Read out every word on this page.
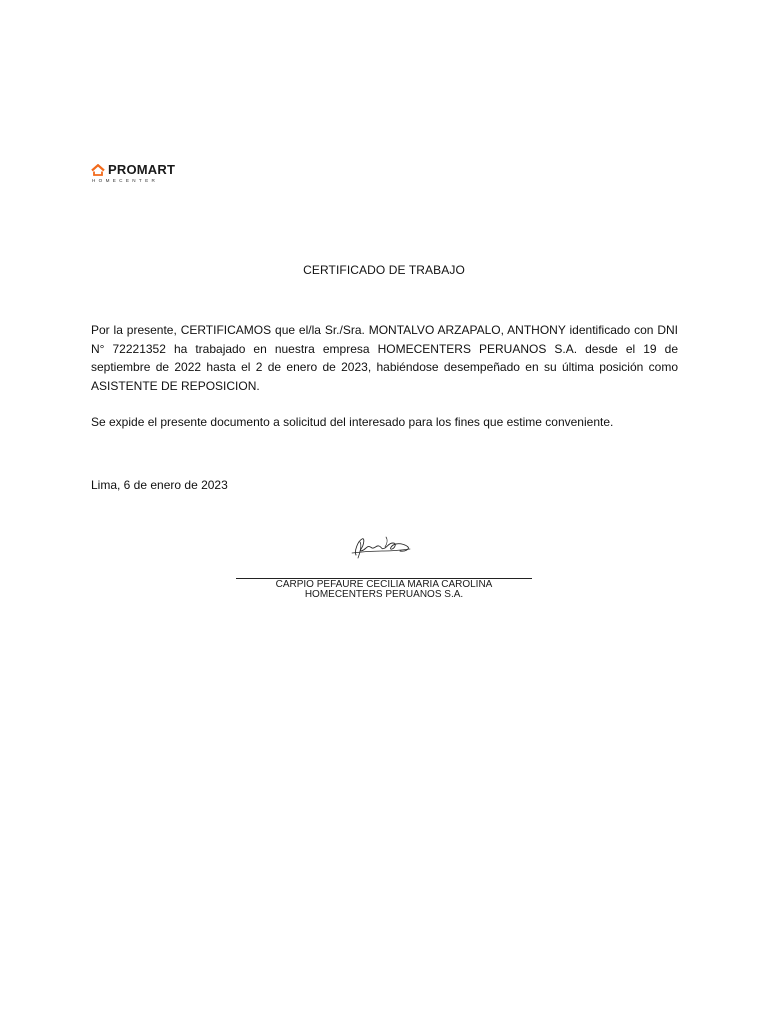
PROMART
HOMECENTER
CERTIFICADO DE TRABAJO
Por la presente, CERTIFICAMOS que el/la Sr./Sra. MONTALVO ARZAPALO, ANTHONY identificado con DNI N° 72221352 ha trabajado en nuestra empresa HOMECENTERS PERUANOS S.A. desde el 19 de septiembre de 2022 hasta el 2 de enero de 2023, habiéndose desempeñado en su última posición como ASISTENTE DE REPOSICION.
Se expide el presente documento a solicitud del interesado para los fines que estime conveniente.
Lima, 6 de enero de 2023
CARPIO PEFAURE CECILIA MARIA CAROLINA
HOMECENTERS PERUANOS S.A.
